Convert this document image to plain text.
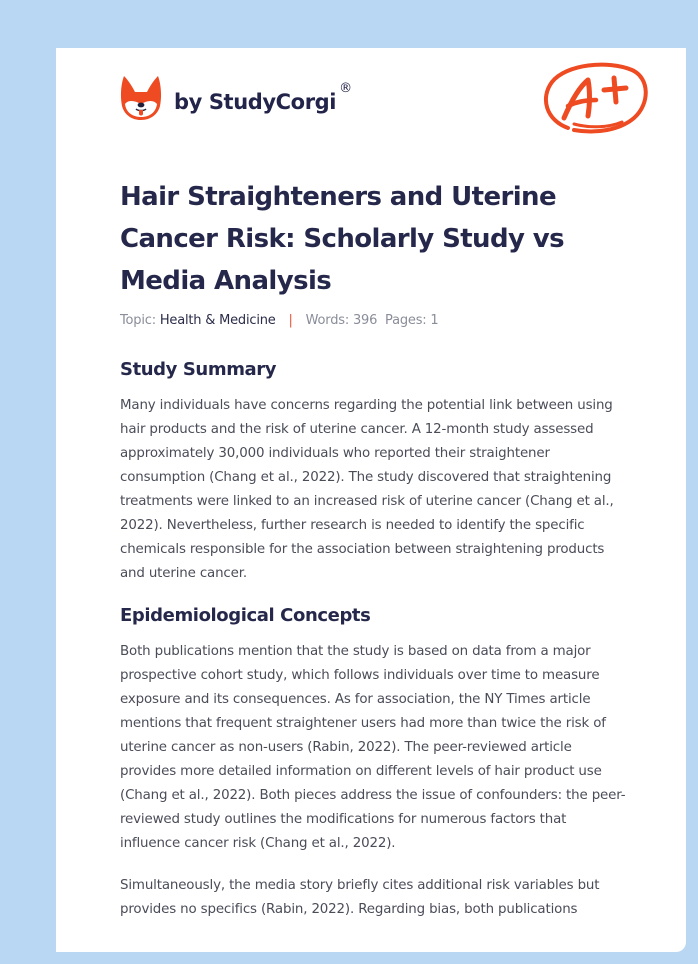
by StudyCorgi
®
Hair Straighteners and Uterine Cancer Risk: Scholarly Study vs Media Analysis
Topic: Health & Medicine | Words: 396 Pages: 1
Study Summary

Many individuals have concerns regarding the potential link between using hair products and the risk of uterine cancer. A 12-month study assessed approximately 30,000 individuals who reported their straightener consumption (Chang et al., 2022). The study discovered that straightening treatments were linked to an increased risk of uterine cancer (Chang et al., 2022). Nevertheless, further research is needed to identify the specific chemicals responsible for the association between straightening products and uterine cancer.

Epidemiological Concepts

Both publications mention that the study is based on data from a major prospective cohort study, which follows individuals over time to measure exposure and its consequences. As for association, the NY Times article mentions that frequent straightener users had more than twice the risk of uterine cancer as non-users (Rabin, 2022). The peer-reviewed article provides more detailed information on different levels of hair product use (Chang et al., 2022). Both pieces address the issue of confounders: the peer-reviewed study outlines the modifications for numerous factors that influence cancer risk (Chang et al., 2022).

Simultaneously, the media story briefly cites additional risk variables but provides no specifics (Rabin, 2022). Regarding bias, both publications
